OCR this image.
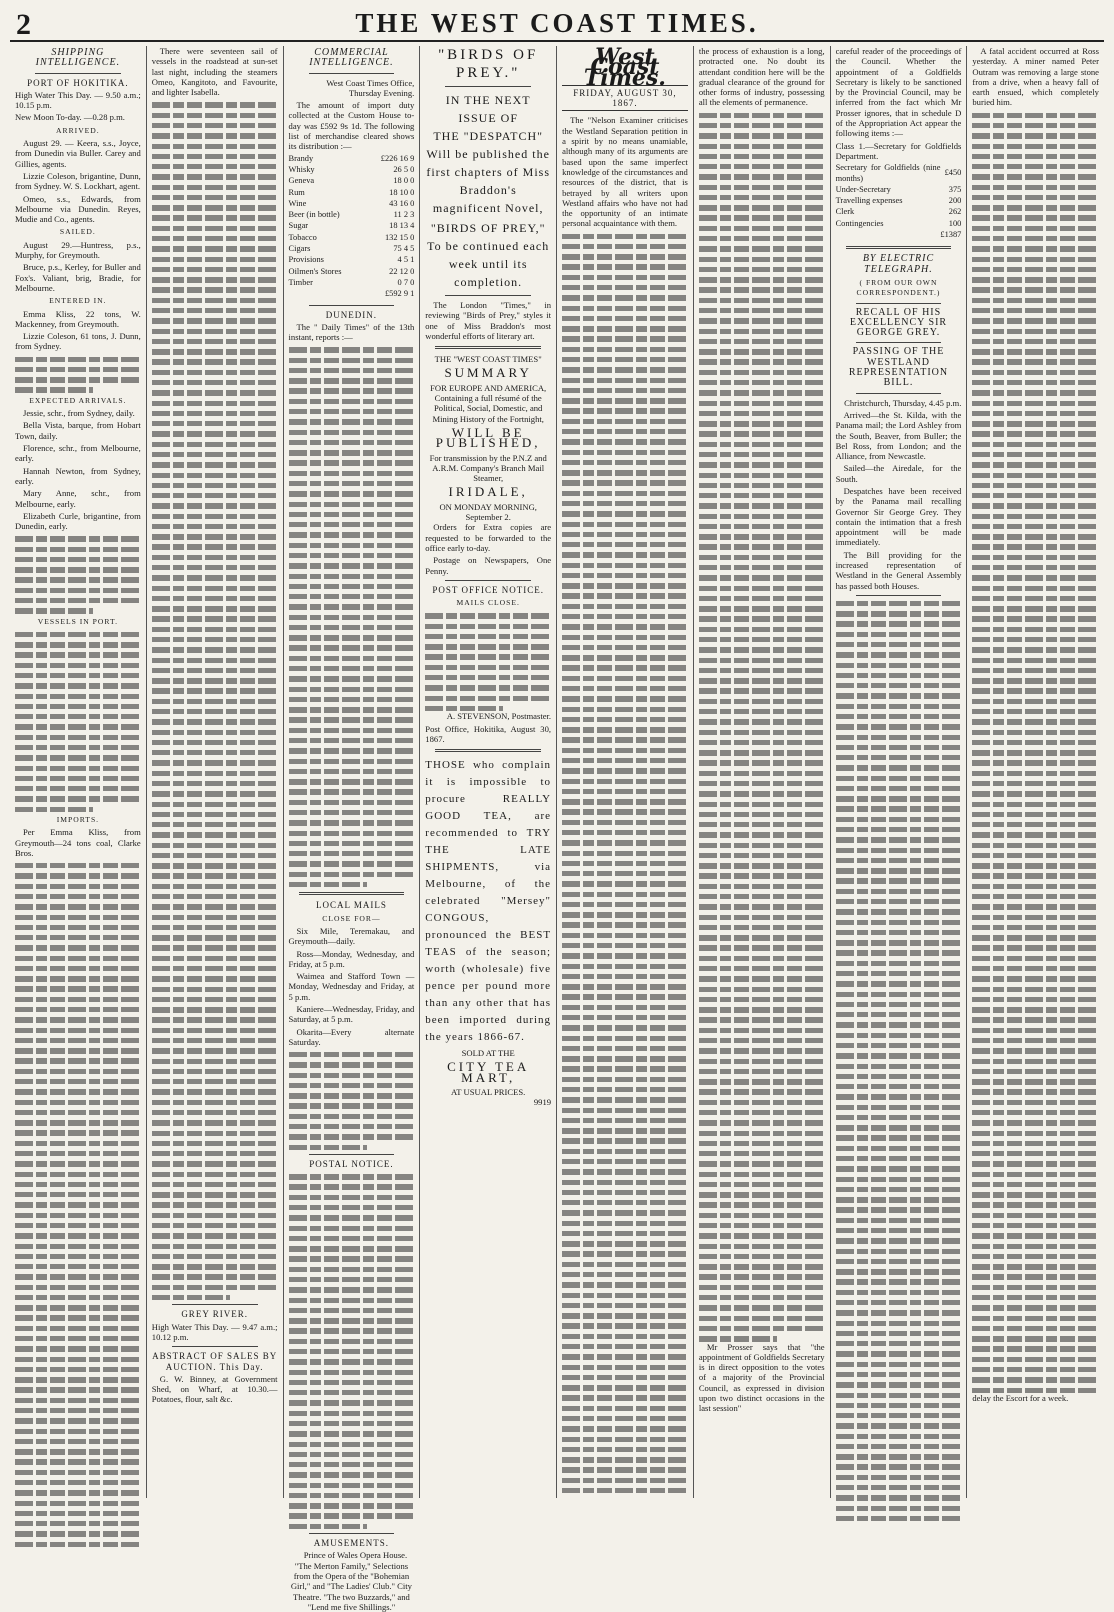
2	THE WEST COAST TIMES.
SHIPPING INTELLIGENCE.
PORT OF HOKITIKA.

High Water This Day. — 9.50 a.m.; 10.15 p.m.

New Moon To-day. —0.28 p.m.

ARRIVED.

August 29. — Keera, s.s., Joyce, from Dunedin via Buller. Carey and Gillies, agents.

Lizzie Coleson, brigantine, Dunn, from Sydney. W. S. Lockhart, agent.

Omeo, s.s., Edwards, from Melbourne via Dunedin. Reyes, Mudie and Co., agents.

SAILED.

August 29.—Huntress, p.s., Murphy, for Greymouth.

Bruce, p.s., Kerley, for Buller and Fox's. Valiant, brig, Bradie, for Melbourne.

ENTERED IN.

Emma Kliss, 22 tons, W. Mackenney, from Greymouth.

Lizzie Coleson, 61 tons, J. Dunn, from Sydney.

EXPECTED ARRIVALS.

Jessie, schr., from Sydney, daily.

Bella Vista, barque, from Hobart Town, daily.

Florence, schr., from Melbourne, early.

Hannah Newton, from Sydney, early.

Mary Anne, schr., from Melbourne, early.

Elizabeth Curle, brigantine, from Dunedin, early.

VESSELS IN PORT.
IMPORTS.

Per Emma Kliss, from Greymouth—24 tons coal, Clarke Bros.

There were seventeen sail of vessels in the roadstead at sun-set last night, including the steamers Omeo, Kangitoto, and Favourite, and lighter Isabella.

GREY RIVER.

High Water This Day. — 9.47 a.m.; 10.12 p.m.

ABSTRACT OF SALES BY AUCTION. This Day.

G. W. Binney, at Government Shed, on Wharf, at 10.30.—Potatoes, flour, salt &c.

COMMERCIAL INTELLIGENCE.

West Coast Times Office, Thursday Evening.

The amount of import duty collected at the Custom House to-day was £592 9s 1d. The following list of merchandise cleared shows its distribution :—

Brandy	£226 16 9
Whisky	26 5 0
Geneva	18 0 0
Rum	18 10 0
Wine	43 16 0
Beer (in bottle)	11 2 3
Sugar	18 13 4
Tobacco	132 15 0
Cigars	75 4 5
Provisions	4 5 1
Oilmen's Stores	22 12 0
Timber	0 7 0
	£592 9 1
DUNEDIN.

The " Daily Times" of the 13th instant, reports :—

LOCAL MAILS
CLOSE FOR—

Six Mile, Teremakau, and Greymouth—daily.

Ross—Monday, Wednesday, and Friday, at 5 p.m.

Waimea and Stafford Town — Monday, Wednesday and Friday, at 5 p.m.

Kaniere—Wednesday, Friday, and Saturday, at 5 p.m.

Okarita—Every alternate Saturday.

POSTAL NOTICE.
AMUSEMENTS.

Prince of Wales Opera House. "The Merton Family," Selections from the Opera of the "Bohemian Girl," and "The Ladies' Club." City Theatre. "The two Buzzards," and "Lend me five Shillings."

"BIRDS OF PREY."
IN THE NEXT ISSUE OF
THE "DESPATCH"

Will be published the first chapters of Miss Braddon's magnificent Novel,

"BIRDS OF PREY,"

To be continued each week until its completion.

The London "Times," in reviewing "Birds of Prey," styles it one of Miss Braddon's most wonderful efforts of literary art.

THE "WEST COAST TIMES"
SUMMARY
FOR EUROPE AND AMERICA,

Containing a full résumé of the Political, Social, Domestic, and Mining History of the Fortnight,

WILL BE PUBLISHED,

For transmission by the P.N.Z and A.R.M. Company's Branch Mail Steamer,

IRIDALE,
ON MONDAY MORNING,
September 2.

Orders for Extra copies are requested to be forwarded to the office early to-day.

Postage on Newspapers, One Penny.

POST OFFICE NOTICE.
MAILS CLOSE.

A. STEVENSON, Postmaster.

Post Office, Hokitika, August 30, 1867.

THOSE who complain it is impossible to procure REALLY GOOD TEA, are recommended to TRY THE LATE SHIPMENTS, via Melbourne, of the celebrated "Mersey" CONGOUS, pronounced the BEST TEAS of the season; worth (wholesale) five pence per pound more than any other that has been imported during the years 1866-67.

SOLD AT THE
CITY TEA MART,
AT USUAL PRICES.
9919
West Coast Times.
FRIDAY, AUGUST 30, 1867.

The "Nelson Examiner criticises the Westland Separation petition in a spirit by no means unamiable, although many of its arguments are based upon the same imperfect knowledge of the circumstances and resources of the district, that is betrayed by all writers upon Westland affairs who have not had the opportunity of an intimate personal acquaintance with them.

the process of exhaustion is a long, protracted one. No doubt its attendant condition here will be the gradual clearance of the ground for other forms of industry, possessing all the elements of permanence.

Mr Prosser says that "the appointment of Goldfields Secretary is in direct opposition to the votes of a majority of the Provincial Council, as expressed in division upon two distinct occasions in the last session"

careful reader of the proceedings of the Council. Whether the appointment of a Goldfields Secretary is likely to be sanctioned by the Provincial Council, may be inferred from the fact which Mr Prosser ignores, that in schedule D of the Appropriation Act appear the following items :—

Class 1.—Secretary for Goldfields Department.

Secretary for Goldfields (nine months)	£450
Under-Secretary	375
Travelling expenses	200
Clerk	262
Contingencies	100
	£1387
BY ELECTRIC TELEGRAPH.
( FROM OUR OWN CORRESPONDENT.)
RECALL OF HIS EXCELLENCY SIR GEORGE GREY.
PASSING OF THE WESTLAND REPRESENTATION BILL.

Christchurch, Thursday, 4.45 p.m.

Arrived—the St. Kilda, with the Panama mail; the Lord Ashley from the South, Beaver, from Buller; the Bel Ross, from London; and the Alliance, from Newcastle.

Sailed—the Airedale, for the South.

Despatches have been received by the Panama mail recalling Governor Sir George Grey. They contain the intimation that a fresh appointment will be made immediately.

The Bill providing for the increased representation of Westland in the General Assembly has passed both Houses.

A fatal accident occurred at Ross yesterday. A miner named Peter Outram was removing a large stone from a drive, when a heavy fall of earth ensued, which completely buried him.

delay the Escort for a week.
